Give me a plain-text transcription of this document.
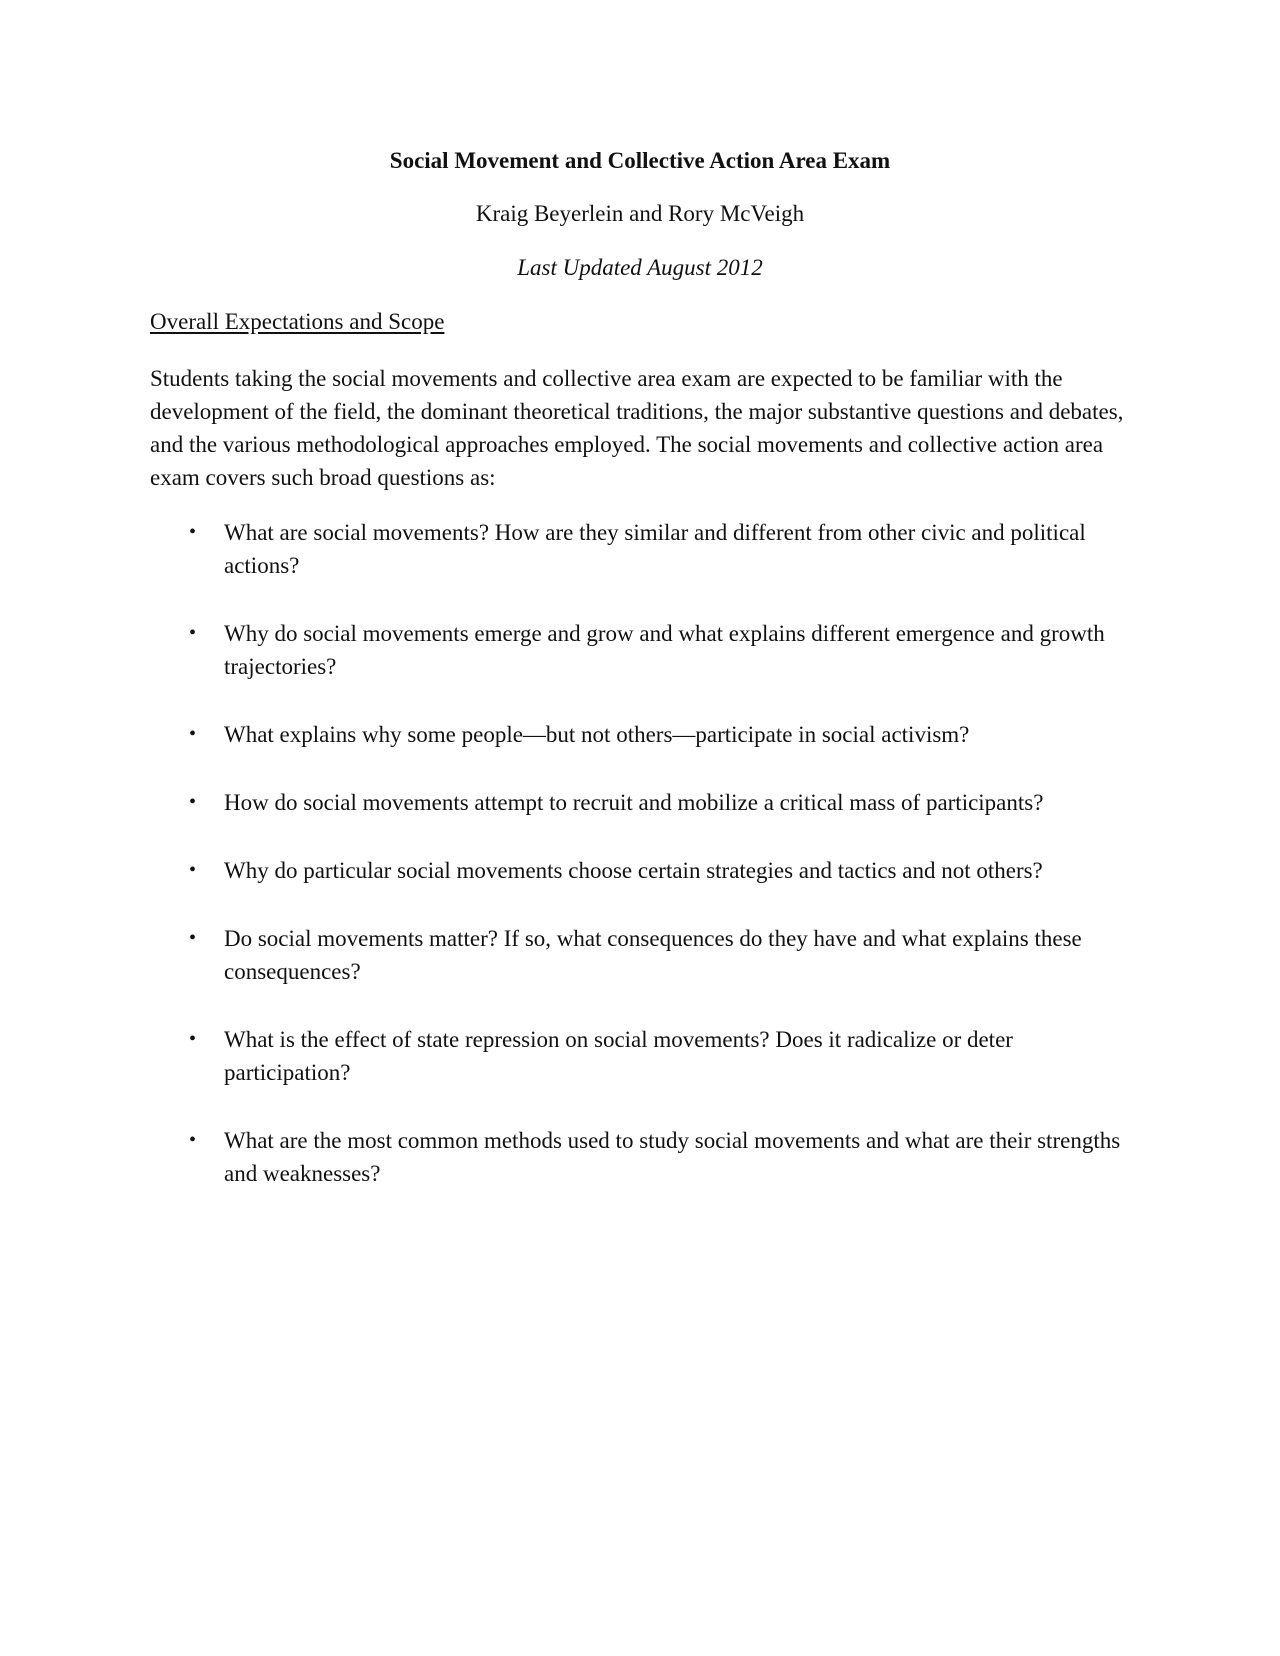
Social Movement and Collective Action Area Exam
Kraig Beyerlein and Rory McVeigh
Last Updated August 2012
Overall Expectations and Scope

Students taking the social movements and collective area exam are expected to be familiar with the development of the field, the dominant theoretical traditions, the major substantive questions and debates, and the various methodological approaches employed. The social movements and collective action area exam covers such broad questions as:

• What are social movements? How are they similar and different from other civic and political actions?
• Why do social movements emerge and grow and what explains different emergence and growth trajectories?
• What explains why some people—but not others—participate in social activism?
• How do social movements attempt to recruit and mobilize a critical mass of participants?
• Why do particular social movements choose certain strategies and tactics and not others?
• Do social movements matter? If so, what consequences do they have and what explains these consequences?
• What is the effect of state repression on social movements? Does it radicalize or deter participation?
• What are the most common methods used to study social movements and what are their strengths and weaknesses?
